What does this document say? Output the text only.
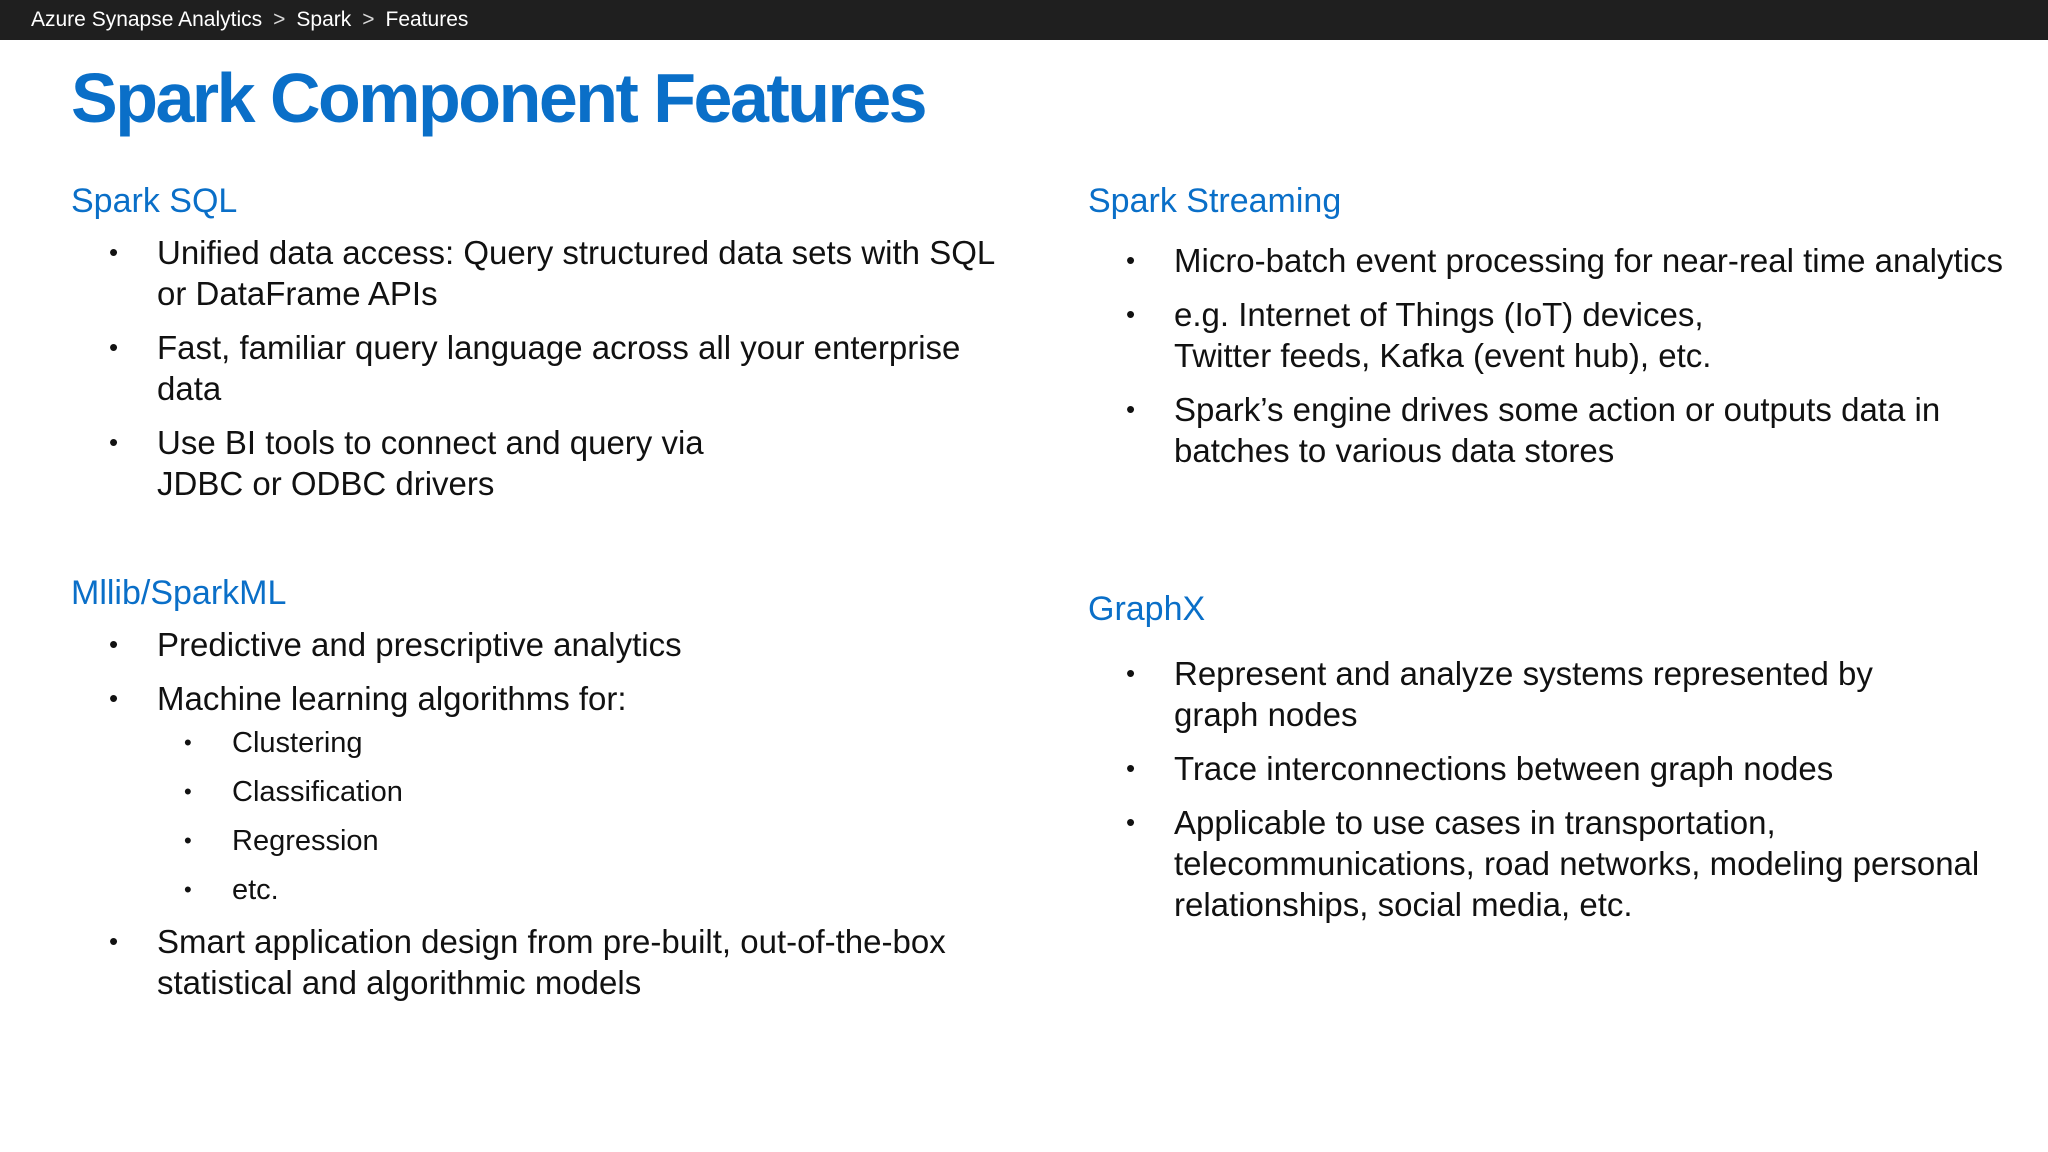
Azure Synapse Analytics > Spark > Features
Spark Component Features
Spark SQL
• Unified data access: Query structured data sets with SQL or DataFrame APIs
• Fast, familiar query language across all your enterprise data
• Use BI tools to connect and query via JDBC or ODBC drivers
Mllib/SparkML
• Predictive and prescriptive analytics
• Machine learning algorithms for:
• Clustering
• Classification
• Regression
• etc.
• Smart application design from pre-built, out-of-the-box statistical and algorithmic models
Spark Streaming
• Micro-batch event processing for near-real time analytics
• e.g. Internet of Things (IoT) devices, Twitter feeds, Kafka (event hub), etc.
• Spark’s engine drives some action or outputs data in batches to various data stores
GraphX
• Represent and analyze systems represented by graph nodes
• Trace interconnections between graph nodes
• Applicable to use cases in transportation, telecommunications, road networks, modeling personal relationships, social media, etc.
